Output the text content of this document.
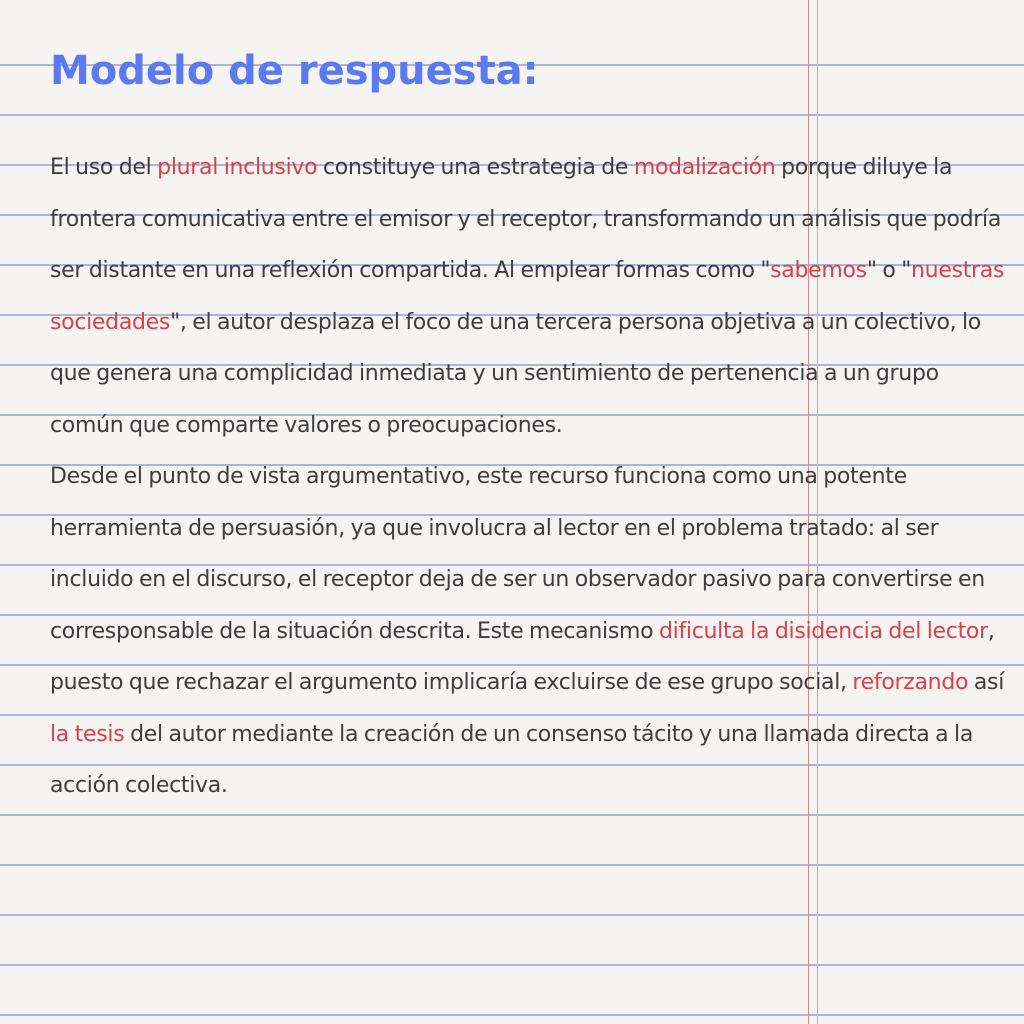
Modelo de respuesta:

El uso del plural inclusivo constituye una estrategia de modalización porque diluye la frontera comunicativa entre el emisor y el receptor, transformando un análisis que podría ser distante en una reflexión compartida. Al emplear formas como "sabemos" o "nuestras sociedades", el autor desplaza el foco de una tercera persona objetiva a un colectivo, lo que genera una complicidad inmediata y un sentimiento de pertenencia a un grupo común que comparte valores o preocupaciones.

Desde el punto de vista argumentativo, este recurso funciona como una potente herramienta de persuasión, ya que involucra al lector en el problema tratado: al ser incluido en el discurso, el receptor deja de ser un observador pasivo para convertirse en corresponsable de la situación descrita. Este mecanismo dificulta la disidencia del lector, puesto que rechazar el argumento implicaría excluirse de ese grupo social, reforzando así la tesis del autor mediante la creación de un consenso tácito y una llamada directa a la acción colectiva.
